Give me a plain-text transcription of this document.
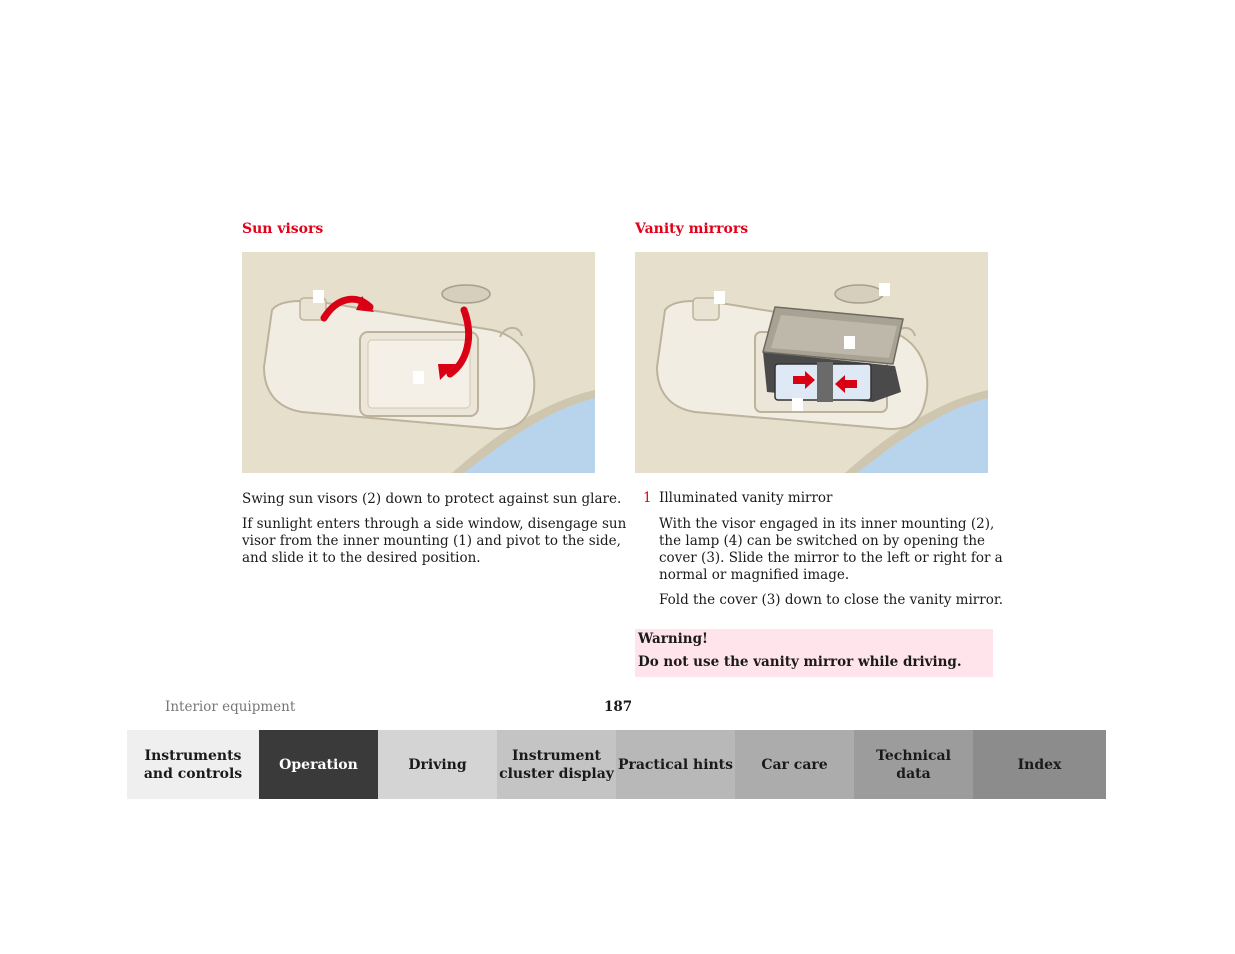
Sun visors

Swing sun visors (2) down to protect against sun glare.

If sunlight enters through a side window, disengage sun
visor from the inner mounting (1) and pivot to the side,
and slide it to the desired position.

Vanity mirrors
1 Illuminated vanity mirror

With the visor engaged in its inner mounting (2),
the lamp (4) can be switched on by opening the
cover (3). Slide the mirror to the left or right for a
normal or magnified image.

Fold the cover (3) down to close the vanity mirror.

Warning!
Do not use the vanity mirror while driving.
Interior equipment	187
Instruments
and controls
Operation	Driving
Instrument
cluster display
Practical hints	Car care
Technical
data
Index
